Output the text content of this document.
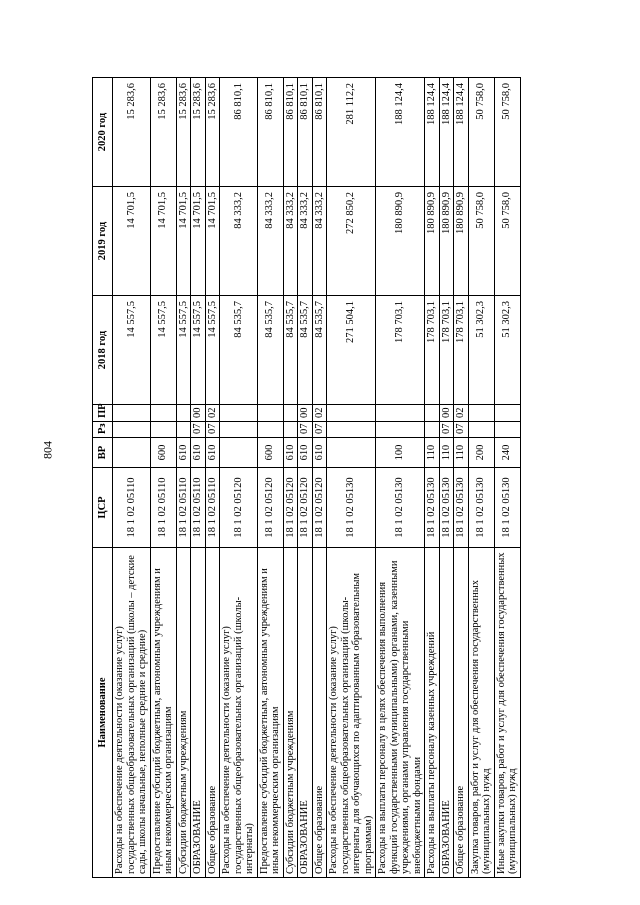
804
Наименование	ЦСР	ВР	Рз	ПР	2018 год	2019 год	2020 год
Расходы на обеспечение деятельности (оказание услуг) государственных общеобразовательных организаций (школы – детские сады, школы начальные, неполные средние и средние)	18 1 02 05110				14 557,5	14 701,5	15 283,6
Предоставление субсидий бюджетным, автономным учреждениям и иным некоммерческим организациям	18 1 02 05110	600			14 557,5	14 701,5	15 283,6
Субсидии бюджетным учреждениям	18 1 02 05110	610			14 557,5	14 701,5	15 283,6
ОБРАЗОВАНИЕ	18 1 02 05110	610	07	00	14 557,5	14 701,5	15 283,6
Общее образование	18 1 02 05110	610	07	02	14 557,5	14 701,5	15 283,6
Расходы на обеспечение деятельности (оказание услуг) государственных общеобразовательных организаций (школы-интернаты)	18 1 02 05120				84 535,7	84 333,2	86 810,1
Предоставление субсидий бюджетным, автономным учреждениям и иным некоммерческим организациям	18 1 02 05120	600			84 535,7	84 333,2	86 810,1
Субсидии бюджетным учреждениям	18 1 02 05120	610			84 535,7	84 333,2	86 810,1
ОБРАЗОВАНИЕ	18 1 02 05120	610	07	00	84 535,7	84 333,2	86 810,1
Общее образование	18 1 02 05120	610	07	02	84 535,7	84 333,2	86 810,1
Расходы на обеспечение деятельности (оказание услуг) государственных общеобразовательных организаций (школы-интернаты для обучающихся по адаптированным образовательным программам)	18 1 02 05130				271 504,1	272 850,2	281 112,2
Расходы на выплаты персоналу в целях обеспечения выполнения функций государственными (муниципальными) органами, казенными учреждениями, органами управления государственными внебюджетными фондами	18 1 02 05130	100			178 703,1	180 890,9	188 124,4
Расходы на выплаты персоналу казенных учреждений	18 1 02 05130	110			178 703,1	180 890,9	188 124,4
ОБРАЗОВАНИЕ	18 1 02 05130	110	07	00	178 703,1	180 890,9	188 124,4
Общее образование	18 1 02 05130	110	07	02	178 703,1	180 890,9	188 124,4
Закупка товаров, работ и услуг для обеспечения государственных (муниципальных) нужд	18 1 02 05130	200			51 302,3	50 758,0	50 758,0
Иные закупки товаров, работ и услуг для обеспечения государственных (муниципальных) нужд	18 1 02 05130	240			51 302,3	50 758,0	50 758,0
